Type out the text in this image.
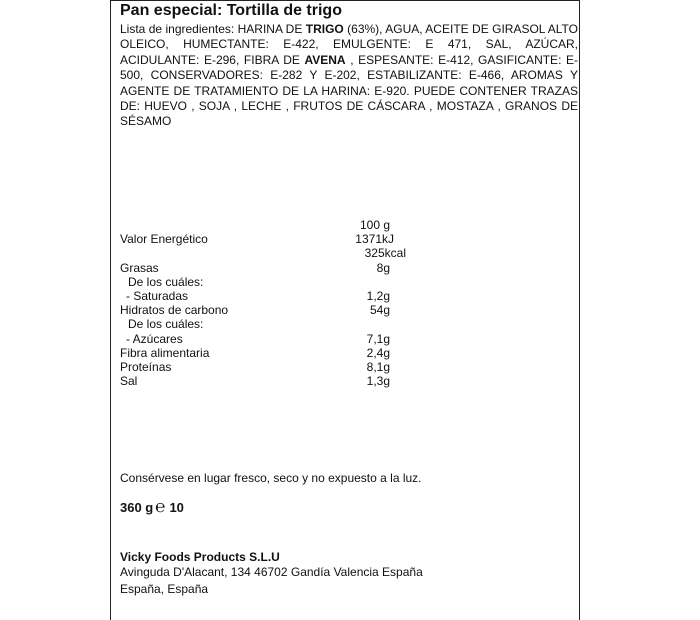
Pan especial: Tortilla de trigo
Lista de ingredientes: HARINA DE TRIGO (63%), AGUA, ACEITE DE GIRASOL ALTO OLEICO, HUMECTANTE: E-422, EMULGENTE: E 471, SAL, AZÚCAR, ACIDULANTE: E-296, FIBRA DE AVENA , ESPESANTE: E-412, GASIFICANTE: E-500, CONSERVADORES: E-282 Y E-202, ESTABILIZANTE: E-466, AROMAS Y AGENTE DE TRATAMIENTO DE LA HARINA: E-920. PUEDE CONTENER TRAZAS DE: HUEVO , SOJA , LECHE , FRUTOS DE CÁSCARA , MOSTAZA , GRANOS DE SÉSAMO
100 g
Valor Energético	1371kJ
325kcal
Grasas	8g
De los cuáles:
- Saturadas	1,2g
Hidratos de carbono	54g
De los cuáles:
- Azúcares	7,1g
Fibra alimentaria	2,4g
Proteínas	8,1g
Sal	1,3g
Consérvese en lugar fresco, seco y no expuesto a la luz.
360 g ℮ 10
Vicky Foods Products S.L.U
Avinguda D'Alacant, 134 46702 Gandía Valencia España
España, España
